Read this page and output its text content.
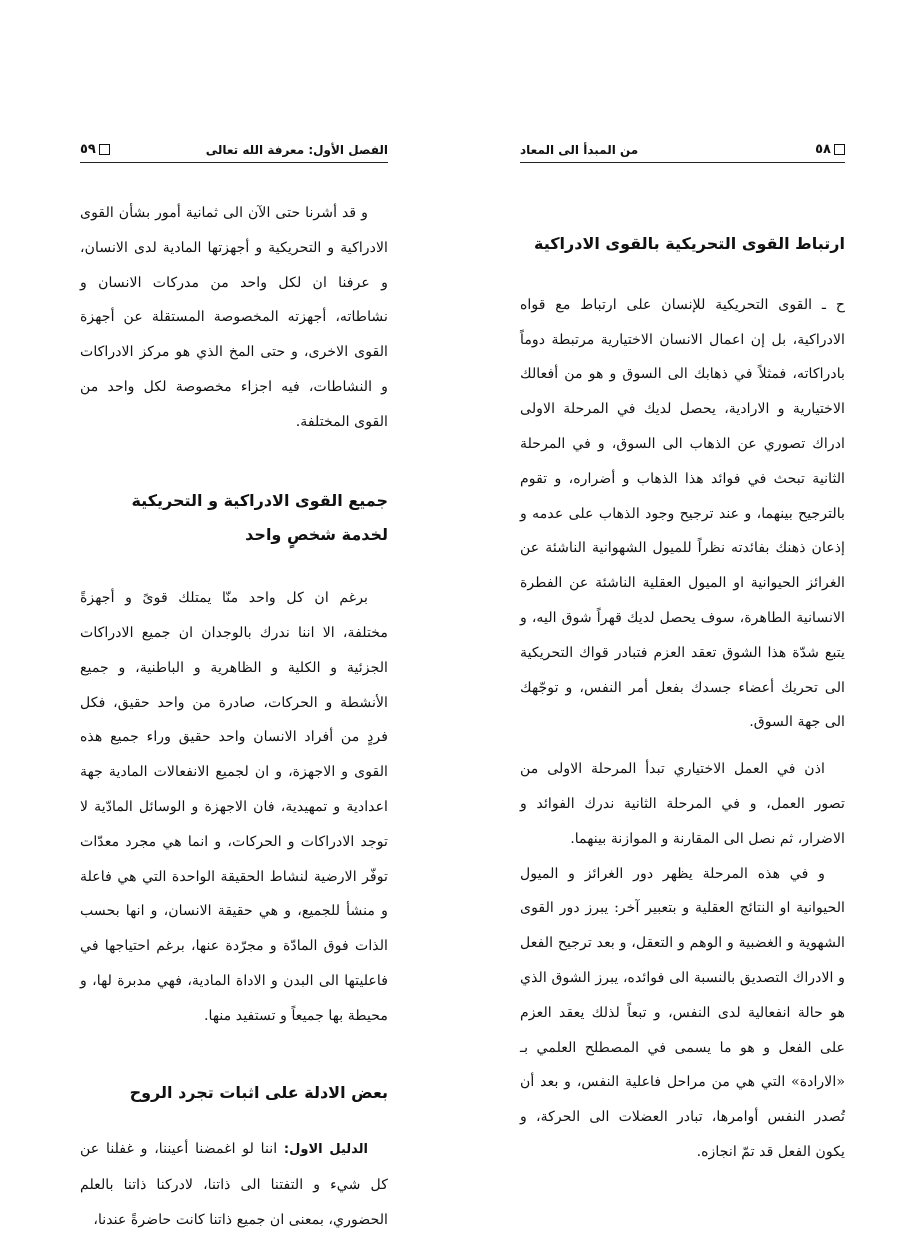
٥٨
من المبدأ الى المعاد
ارتباط القوى التحريكية بالقوى الادراكية

ح ـ القوى التحريكية للإنسان على ارتباط مع قواه الادراكية، بل إن اعمال الانسان الاختيارية مرتبطة دوماً بادراكاته، فمثلاً في ذهابك الى السوق و هو من أفعالك الاختيارية و الارادية، يحصل لديك في المرحلة الاولى ادراك تصوري عن الذهاب الى السوق، و في المرحلة الثانية تبحث في فوائد هذا الذهاب و أضراره، و تقوم بالترجيح بينهما، و عند ترجيح وجود الذهاب على عدمه و إذعان ذهنك بفائدته نظراً للميول الشهوانية الناشئة عن الغرائز الحيوانية او الميول العقلية الناشئة عن الفطرة الانسانية الطاهرة، سوف يحصل لديك قهراً شوق اليه، و يتبع شدّة هذا الشوق تعقد العزم فتبادر قواك التحريكية الى تحريك أعضاء جسدك بفعل أمر النفس، و توجّهك الى جهة السوق.

اذن في العمل الاختياري تبدأ المرحلة الاولى من تصور العمل، و في المرحلة الثانية ندرك الفوائد و الاضرار، ثم نصل الى المقارنة و الموازنة بينهما.

و في هذه المرحلة يظهر دور الغرائز و الميول الحيوانية او النتائج العقلية و بتعبير آخر: يبرز دور القوى الشهوية و الغضبية و الوهم و التعقل، و بعد ترجيح الفعل و الادراك التصديق بالنسبة الى فوائده، يبرز الشوق الذي هو حالة انفعالية لدى النفس، و تبعاً لذلك يعقد العزم على الفعل و هو ما يسمى في المصطلح العلمي بـ «الارادة» التي هي من مراحل فاعلية النفس، و بعد أن تُصدر النفس أوامرها، تبادر العضلات الى الحركة، و يكون الفعل قد تمّ انجازه.

٥٩	الفصل الأول: معرفة الله تعالى

و قد أشرنا حتى الآن الى ثمانية أمور بشأن القوى الادراكية و التحريكية و أجهزتها المادية لدى الانسان، و عرفنا ان لكل واحد من مدركات الانسان و نشاطاته، أجهزته المخصوصة المستقلة عن أجهزة القوى الاخرى، و حتى المخ الذي هو مركز الادراكات و النشاطات، فيه اجزاء مخصوصة لكل واحد من القوى المختلفة.

جميع القوى الادراكية و التحريكية لخدمة شخصٍ واحد

برغم ان كل واحد منّا يمتلك قوىً و أجهزةً مختلفة، الا اننا ندرك بالوجدان ان جميع الادراكات الجزئية و الكلية و الظاهرية و الباطنية، و جميع الأنشطة و الحركات، صادرة من واحد حقيق، فكل فردٍ من أفراد الانسان واحد حقيق وراء جميع هذه القوى و الاجهزة، و ان لجميع الانفعالات المادية جهة اعدادية و تمهيدية، فان الاجهزة و الوسائل المادّية لا توجد الادراكات و الحركات، و انما هي مجرد معدّات توفّر الارضية لنشاط الحقيقة الواحدة التي هي فاعلة و منشأ للجميع، و هي حقيقة الانسان، و انها بحسب الذات فوق المادّة و مجرّدة عنها، برغم احتياجها في فاعليتها الى البدن و الاداة المادية، فهي مدبرة لها، و محيطة بها جميعاً و تستفيد منها.

بعض الادلة على اثبات تجرد الروح

الدليل الاول: اننا لو اغمضنا أعيننا، و غفلنا عن كل شيء و التفتنا الى ذاتنا، لادركنا ذاتنا بالعلم الحضوري، بمعنى ان جميع ذاتنا كانت حاضرةً عندنا،
